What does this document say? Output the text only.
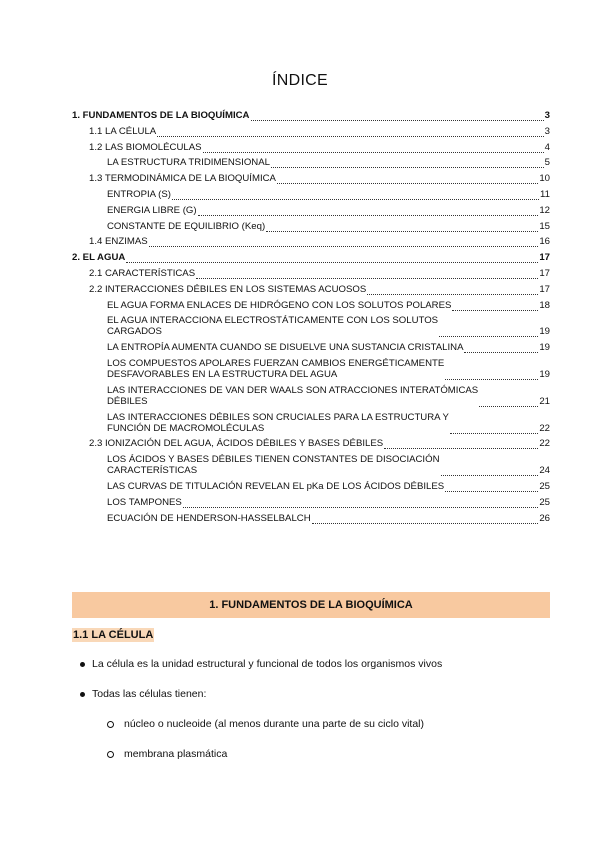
ÍNDICE
1. FUNDAMENTOS DE LA BIOQUÍMICA	3
1.1 LA CÉLULA	3
1.2 LAS BIOMOLÉCULAS	4
LA ESTRUCTURA TRIDIMENSIONAL	5
1.3 TERMODINÁMICA DE LA BIOQUÍMICA	10
ENTROPIA (S)	11
ENERGIA LIBRE (G)	12
CONSTANTE DE EQUILIBRIO (Keq)	15
1.4 ENZIMAS	16
2. EL AGUA	17
2.1 CARACTERÍSTICAS	17
2.2 INTERACCIONES DÉBILES EN LOS SISTEMAS ACUOSOS	17
EL AGUA FORMA ENLACES DE HIDRÓGENO CON LOS SOLUTOS POLARES	18
EL AGUA INTERACCIONA ELECTROSTÁTICAMENTE CON LOS SOLUTOS
CARGADOS	19
LA ENTROPÍA AUMENTA CUANDO SE DISUELVE UNA SUSTANCIA CRISTALINA	19
LOS COMPUESTOS APOLARES FUERZAN CAMBIOS ENERGÉTICAMENTE
DESFAVORABLES EN LA ESTRUCTURA DEL AGUA	19
LAS INTERACCIONES DE VAN DER WAALS SON ATRACCIONES INTERATÓMICAS
DÉBILES	21
LAS INTERACCIONES DÉBILES SON CRUCIALES PARA LA ESTRUCTURA Y
FUNCIÓN DE MACROMOLÉCULAS	22
2.3 IONIZACIÓN DEL AGUA, ÁCIDOS DÉBILES Y BASES DÉBILES	22
LOS ÁCIDOS Y BASES DÉBILES TIENEN CONSTANTES DE DISOCIACIÓN
CARACTERÍSTICAS	24
LAS CURVAS DE TITULACIÓN REVELAN EL pKa DE LOS ÁCIDOS DÉBILES	25
LOS TAMPONES	25
ECUACIÓN DE HENDERSON-HASSELBALCH	26
1. FUNDAMENTOS DE LA BIOQUÍMICA
1.1 LA CÉLULA
La célula es la unidad estructural y funcional de todos los organismos vivos
Todas las células tienen:
núcleo o nucleoide (al menos durante una parte de su ciclo vital)
membrana plasmática
